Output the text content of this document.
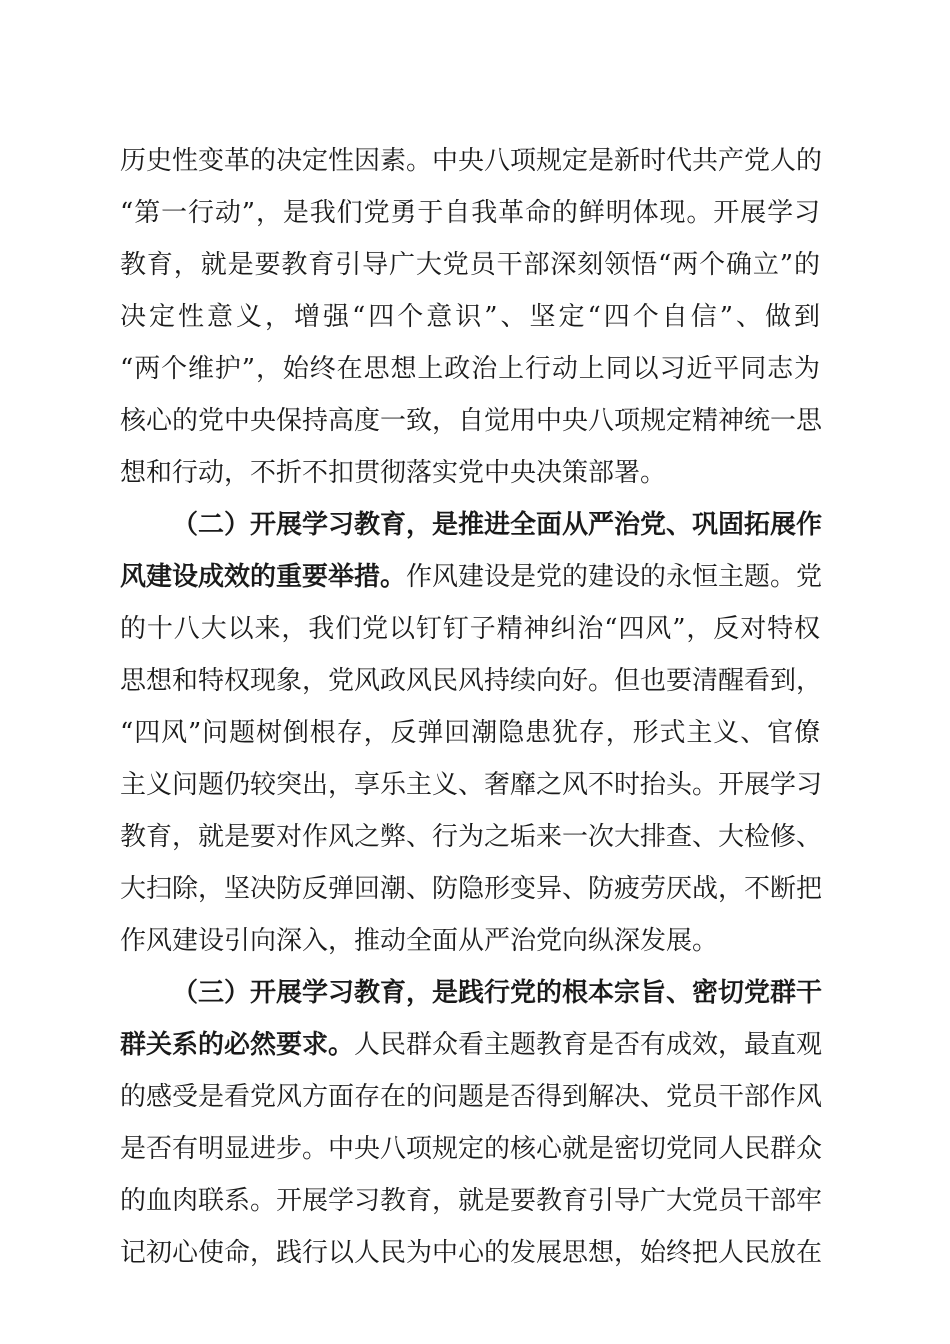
历史性变革的决定性因素。中央八项规定是新时代共产党人的
“第一行动”，是我们党勇于自我革命的鲜明体现。开展学习
教育，就是要教育引导广大党员干部深刻领悟“两个确立”的
决定性意义，增强“四个意识”、坚定“四个自信”、做到
“两个维护”，始终在思想上政治上行动上同以习近平同志为
核心的党中央保持高度一致，自觉用中央八项规定精神统一思
想和行动，不折不扣贯彻落实党中央决策部署。
（二）开展学习教育，是推进全面从严治党、巩固拓展作
风建设成效的重要举措。作风建设是党的建设的永恒主题。党
的十八大以来，我们党以钉钉子精神纠治“四风”，反对特权
思想和特权现象，党风政风民风持续向好。但也要清醒看到，
“四风”问题树倒根存，反弹回潮隐患犹存，形式主义、官僚
主义问题仍较突出，享乐主义、奢靡之风不时抬头。开展学习
教育，就是要对作风之弊、行为之垢来一次大排查、大检修、
大扫除，坚决防反弹回潮、防隐形变异、防疲劳厌战，不断把
作风建设引向深入，推动全面从严治党向纵深发展。
（三）开展学习教育，是践行党的根本宗旨、密切党群干
群关系的必然要求。人民群众看主题教育是否有成效，最直观
的感受是看党风方面存在的问题是否得到解决、党员干部作风
是否有明显进步。中央八项规定的核心就是密切党同人民群众
的血肉联系。开展学习教育，就是要教育引导广大党员干部牢
记初心使命，践行以人民为中心的发展思想，始终把人民放在
